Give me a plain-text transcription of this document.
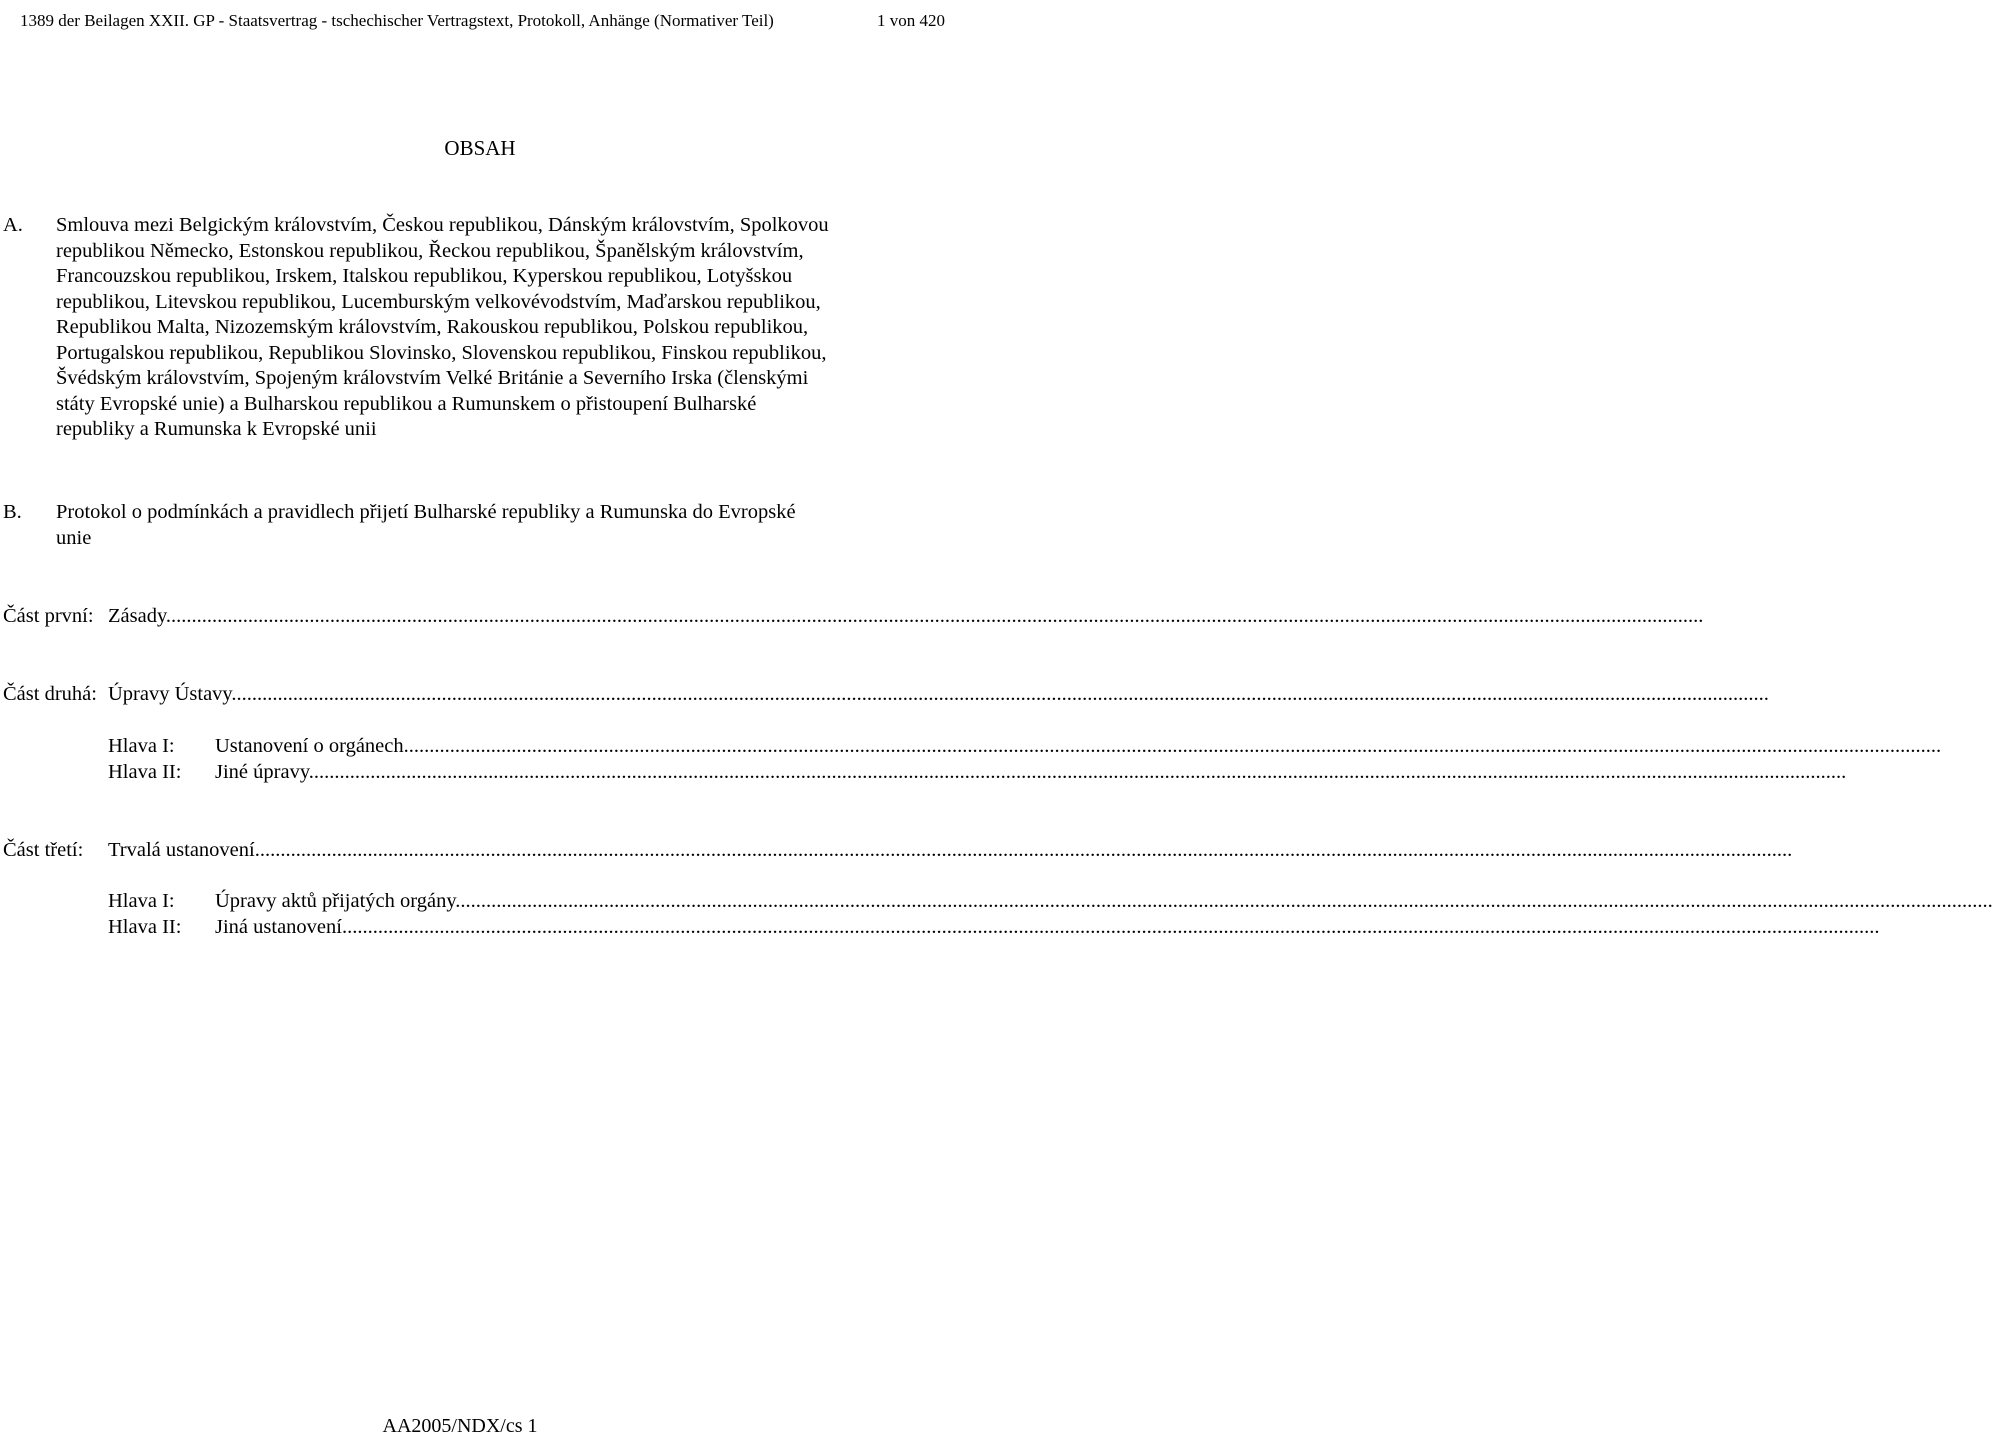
1389 der Beilagen XXII. GP - Staatsvertrag - tschechischer Vertragstext, Protokoll, Anhänge (Normativer Teil)	1 von 420
OBSAH
A. Smlouva mezi Belgickým královstvím, Českou republikou, Dánským královstvím, Spolkovou
republikou Německo, Estonskou republikou, Řeckou republikou, Španělským královstvím,
Francouzskou republikou, Irskem, Italskou republikou, Kyperskou republikou, Lotyšskou
republikou, Litevskou republikou, Lucemburským velkovévodstvím, Maďarskou republikou,
Republikou Malta, Nizozemským královstvím, Rakouskou republikou, Polskou republikou,
Portugalskou republikou, Republikou Slovinsko, Slovenskou republikou, Finskou republikou,
Švédským královstvím, Spojeným královstvím Velké Británie a Severního Irska (členskými
státy Evropské unie) a Bulharskou republikou a Rumunskem o přistoupení Bulharské
republiky a Rumunska k Evropské unii
B. Protokol o podmínkách a pravidlech přijetí Bulharské republiky a Rumunska do Evropské
unie
Část první: Zásady............................................................................................................................................................................................................................................................................................................
Část druhá: Úpravy Ústavy............................................................................................................................................................................................................................................................................................................
Hlava I: Ustanovení o orgánech............................................................................................................................................................................................................................................................................................................
Hlava II: Jiné úpravy............................................................................................................................................................................................................................................................................................................
Část třetí: Trvalá ustanovení............................................................................................................................................................................................................................................................................................................
Hlava I: Úpravy aktů přijatých orgány............................................................................................................................................................................................................................................................................................................
Hlava II: Jiná ustanovení............................................................................................................................................................................................................................................................................................................
AA2005/NDX/cs 1
